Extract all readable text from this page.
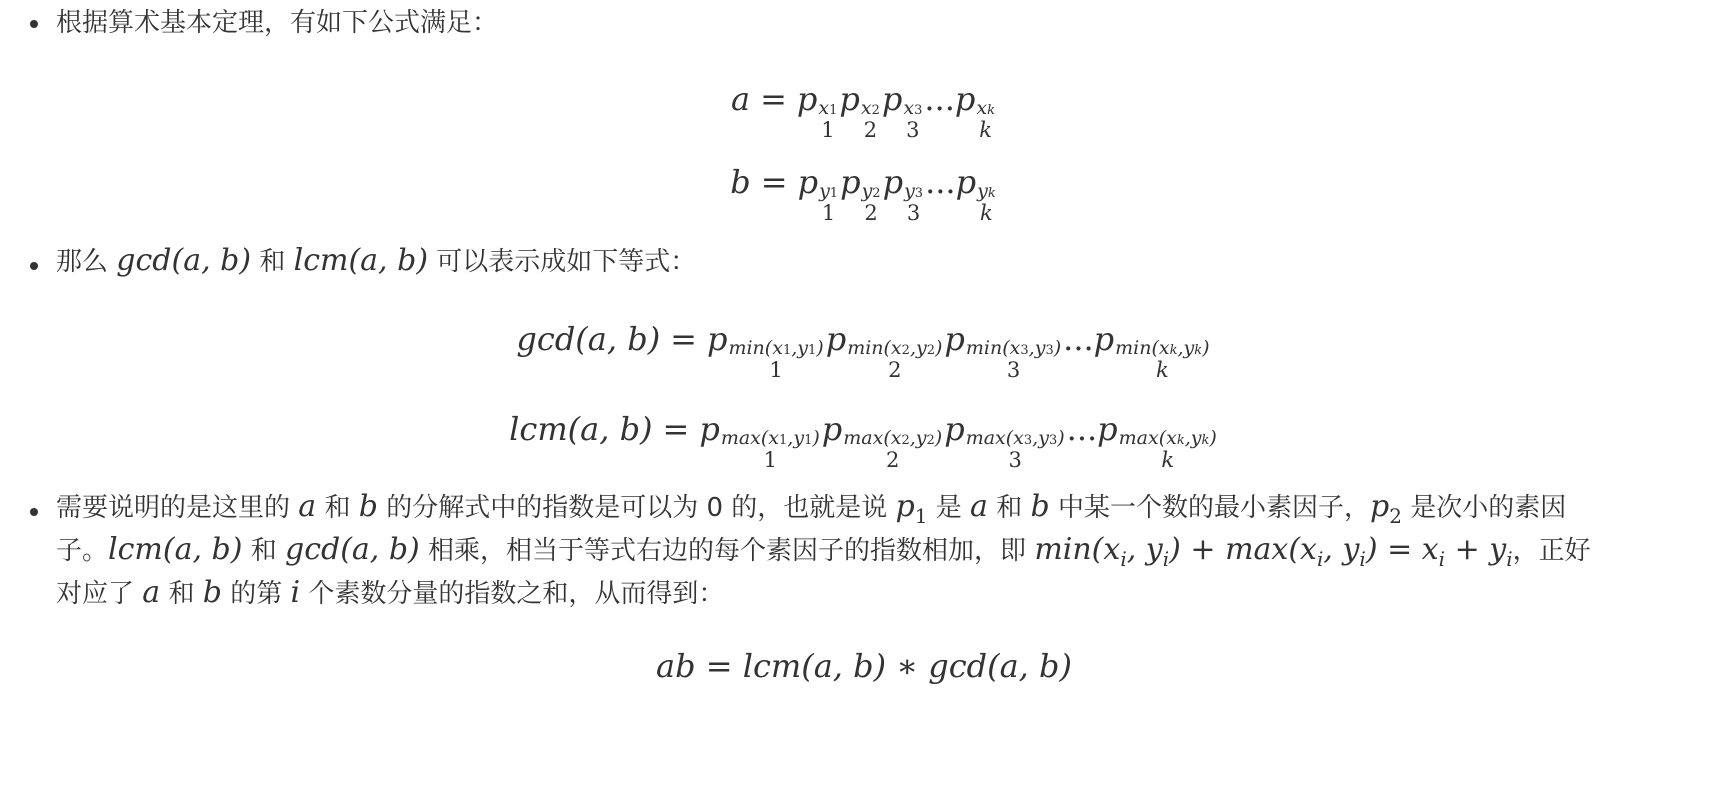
根据算术基本定理，有如下公式满足：
a = p x1
1
p x2
2
p x3
3
...p xk
k
b = p y1
1
p y2
2
p y3
3
...p yk
k
那么 gcd(a, b) 和 lcm(a, b) 可以表示成如下等式：
gcd(a, b) = p min(x1,y1)
1
p min(x2,y2)
2
p min(x3,y3)
3
...p min(xk,yk)
k
lcm(a, b) = p max(x1,y1)
1
p max(x2,y2)
2
p max(x3,y3)
3
...p max(xk,yk)
k
需要说明的是这里的 a 和 b 的分解式中的指数是可以为 0 的，也就是说 $p_1$ 是 a 和 b 中某一个数的最小素因子，$p_2$ 是次小的素因
子。lcm(a, b) 和 gcd(a, b) 相乘，相当于等式右边的每个素因子的指数相加，即 $\min(x_i$, $y_i) + \max(x_i$, $y_i) = x_i + y_i$，正好
对应了 a 和 b 的第 i 个素数分量的指数之和，从而得到：
ab = lcm(a, b) ∗ gcd(a, b)
